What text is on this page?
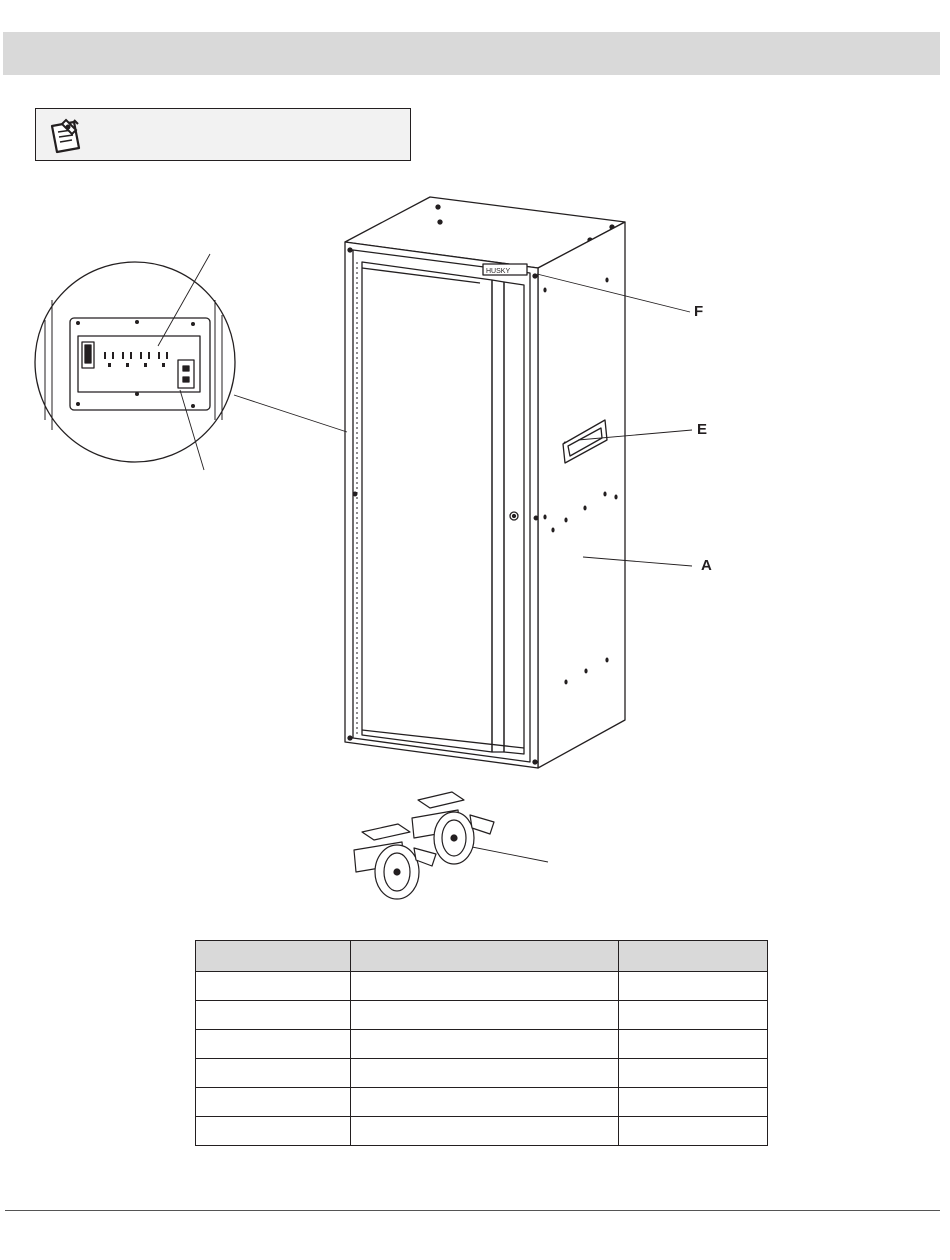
HUSKY
F
E
A
